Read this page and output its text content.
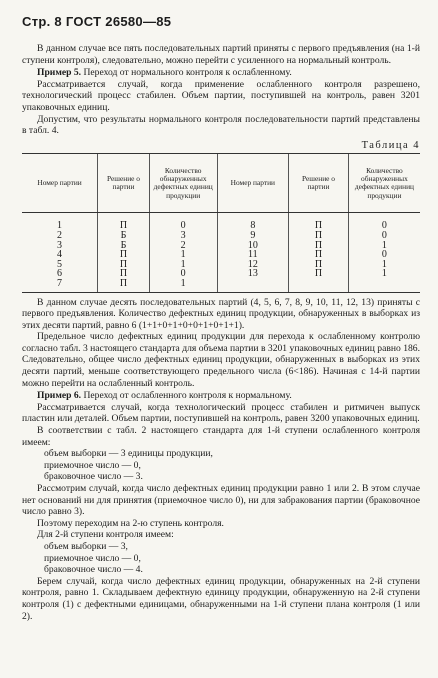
Стр. 8 ГОСТ 26580—85

В данном случае все пять последовательных партий приняты с первого предъявления (на 1-й ступени контроля), следовательно, можно перейти с усиленного на нормальный контроль.

Пример 5. Переход от нормального контроля к ослабленному.

Рассматривается случай, когда применение ослабленного контроля разрешено, технологический процесс стабилен. Объем партии, поступившей на контроль, равен 3201 упаковочных единиц.

Допустим, что результаты нормального контроля последовательности партий представлены в табл. 4.

Таблица 4
Номер партии	Решение о партии	Количество обнаруженных дефектных единиц продукции	Номер партии	Решение о партии	Количество обнаруженных дефектных единиц продукции

1	П	0	8	П	0
2	Б	3	9	П	0
3	Б	2	10	П	1
4	П	1	11	П	0
5	П	1	12	П	1
6	П	0	13	П	1
7	П	1			

В данном случае десять последовательных партий (4, 5, 6, 7, 8, 9, 10, 11, 12, 13) приняты с первого предъявления. Количество дефектных единиц продукции, обнаруженных в выборках из этих десяти партий, равно 6 (1+1+0+1+0+0+1+0+1+1).

Предельное число дефектных единиц продукции для перехода к ослабленному контролю согласно табл. 3 настоящего стандарта для объема партии в 3201 упаковочных единиц равно 186. Следовательно, общее число дефектных единиц продукции, обнаруженных в выборках из этих десяти партий, меньше соответствующего предельного числа (6<186). Начиная с 14-й партии можно перейти на ослабленный контроль.

Пример 6. Переход от ослабленного контроля к нормальному.

Рассматривается случай, когда технологический процесс стабилен и ритмичен выпуск пластин или деталей. Объем партии, поступившей на контроль, равен 3200 упаковочных единиц.

В соответствии с табл. 2 настоящего стандарта для 1-й ступени ослабленного контроля имеем:

объем выборки — 3 единицы продукции,
приемочное число — 0,
браковочное число — 3.

Рассмотрим случай, когда число дефектных единиц продукции равно 1 или 2. В этом случае нет оснований ни для принятия (приемочное число 0), ни для забракования партии (браковочное число равно 3).

Поэтому переходим на 2-ю ступень контроля.

Для 2-й ступени контроля имеем:

объем выборки — 3,
приемочное число — 0,
браковочное число — 4.

Берем случай, когда число дефектных единиц продукции, обнаруженных на 2-й ступени контроля, равно 1. Складываем дефектную единицу продукции, обнаруженную на 2-й ступени контроля (1) с дефектными единицами, обнаруженными на 1-й ступени плана контроля (1 или 2).
